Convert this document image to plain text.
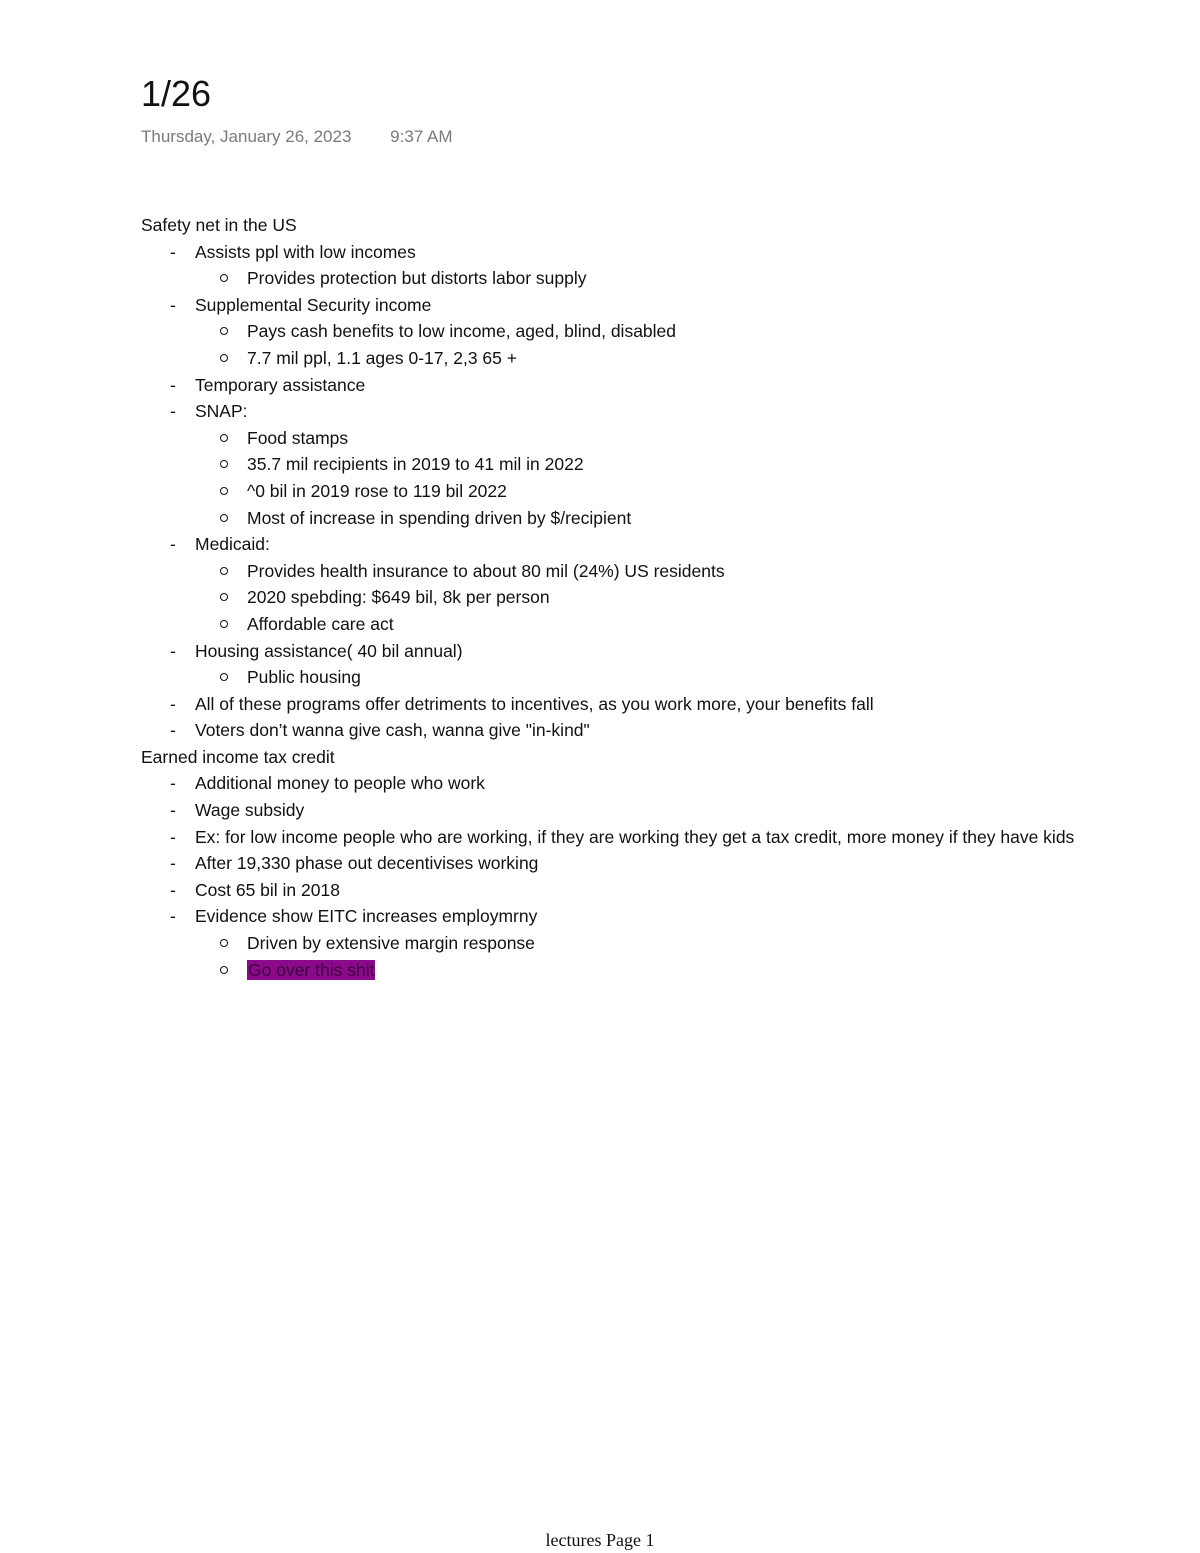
1/26
Thursday, January 26, 2023 9:37 AM
Safety net in the US
- Assists ppl with low incomes
Provides protection but distorts labor supply
- Supplemental Security income
Pays cash benefits to low income, aged, blind, disabled
7.7 mil ppl, 1.1 ages 0-17, 2,3 65 +
- Temporary assistance
- SNAP:
Food stamps
35.7 mil recipients in 2019 to 41 mil in 2022
^0 bil in 2019 rose to 119 bil 2022
Most of increase in spending driven by $/recipient
- Medicaid:
Provides health insurance to about 80 mil (24%) US residents
2020 spebding: $649 bil, 8k per person
Affordable care act
- Housing assistance( 40 bil annual)
Public housing
- All of these programs offer detriments to incentives, as you work more, your benefits fall
- Voters don’t wanna give cash, wanna give "in-kind"
Earned income tax credit
- Additional money to people who work
- Wage subsidy
- Ex: for low income people who are working, if they are working they get a tax credit, more money if they have kids
- After 19,330 phase out decentivises working
- Cost 65 bil in 2018
- Evidence show EITC increases employmrny
Driven by extensive margin response
Go over this shit
lectures Page 1
